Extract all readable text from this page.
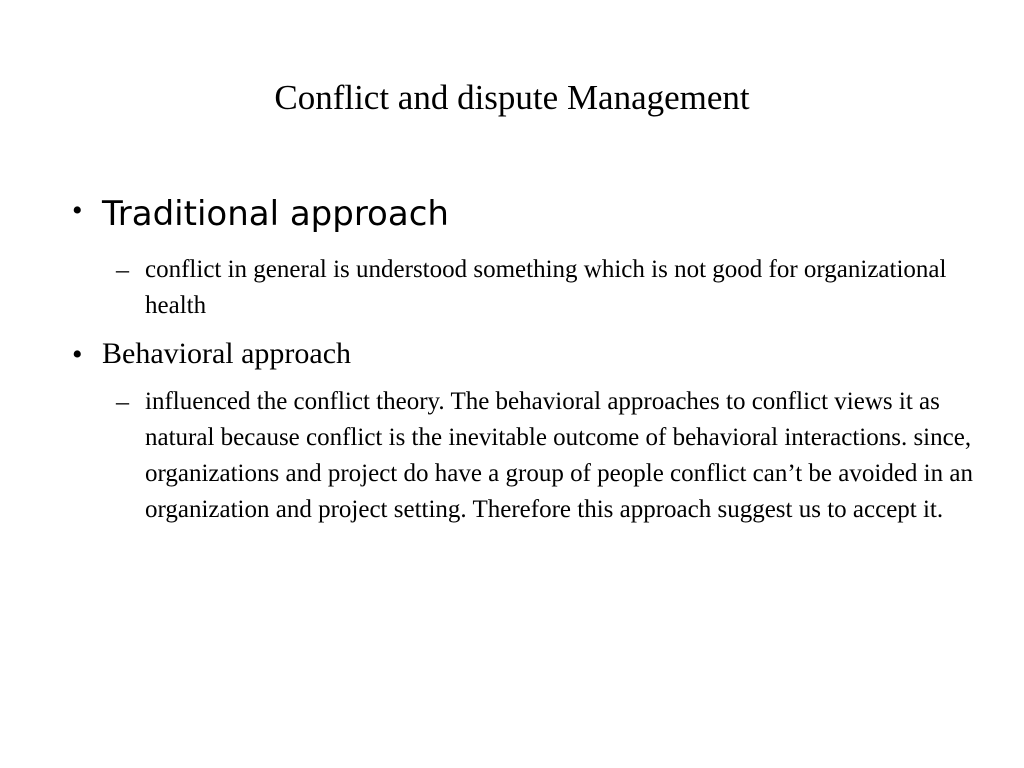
Conflict and dispute Management
• Traditional approach
– conflict in general is understood something which is not good for organizational health
• Behavioral approach
– influenced the conflict theory. The behavioral approaches to conflict views it as natural because conflict is the inevitable outcome of behavioral interactions. since, organizations and project do have a group of people conflict can’t be avoided in an organization and project setting. Therefore this approach suggest us to accept it.
